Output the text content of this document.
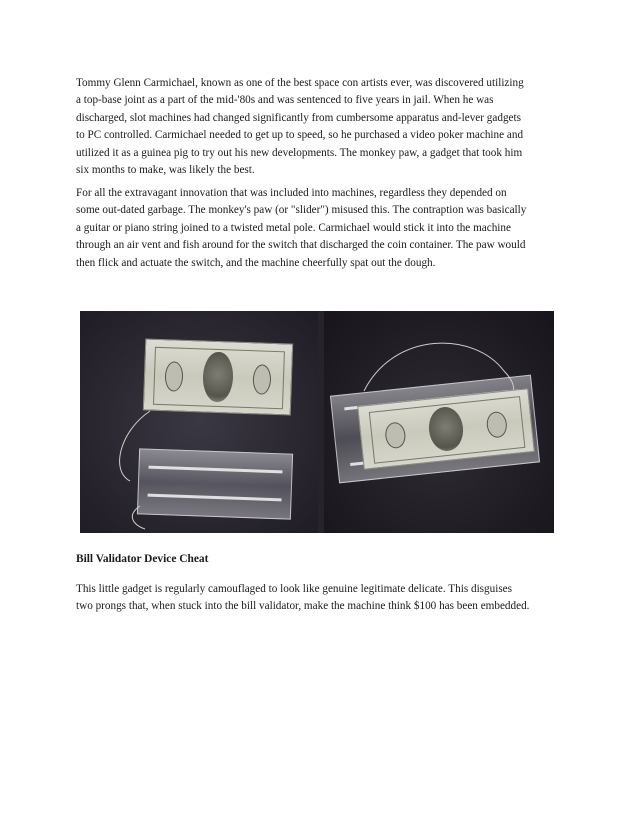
Tommy Glenn Carmichael, known as one of the best space con artists ever, was discovered utilizing
a top-base joint as a part of the mid-'80s and was sentenced to five years in jail. When he was
discharged, slot machines had changed significantly from cumbersome apparatus and-lever gadgets
to PC controlled. Carmichael needed to get up to speed, so he purchased a video poker machine and
utilized it as a guinea pig to try out his new developments. The monkey paw, a gadget that took him
six months to make, was likely the best.

For all the extravagant innovation that was included into machines, regardless they depended on
some out-dated garbage. The monkey's paw (or "slider") misused this. The contraption was basically
a guitar or piano string joined to a twisted metal pole. Carmichael would stick it into the machine
through an air vent and fish around for the switch that discharged the coin container. The paw would
then flick and actuate the switch, and the machine cheerfully spat out the dough.

Bill Validator Device Cheat

This little gadget is regularly camouflaged to look like genuine legitimate delicate. This disguises
two prongs that, when stuck into the bill validator, make the machine think $100 has been embedded.
